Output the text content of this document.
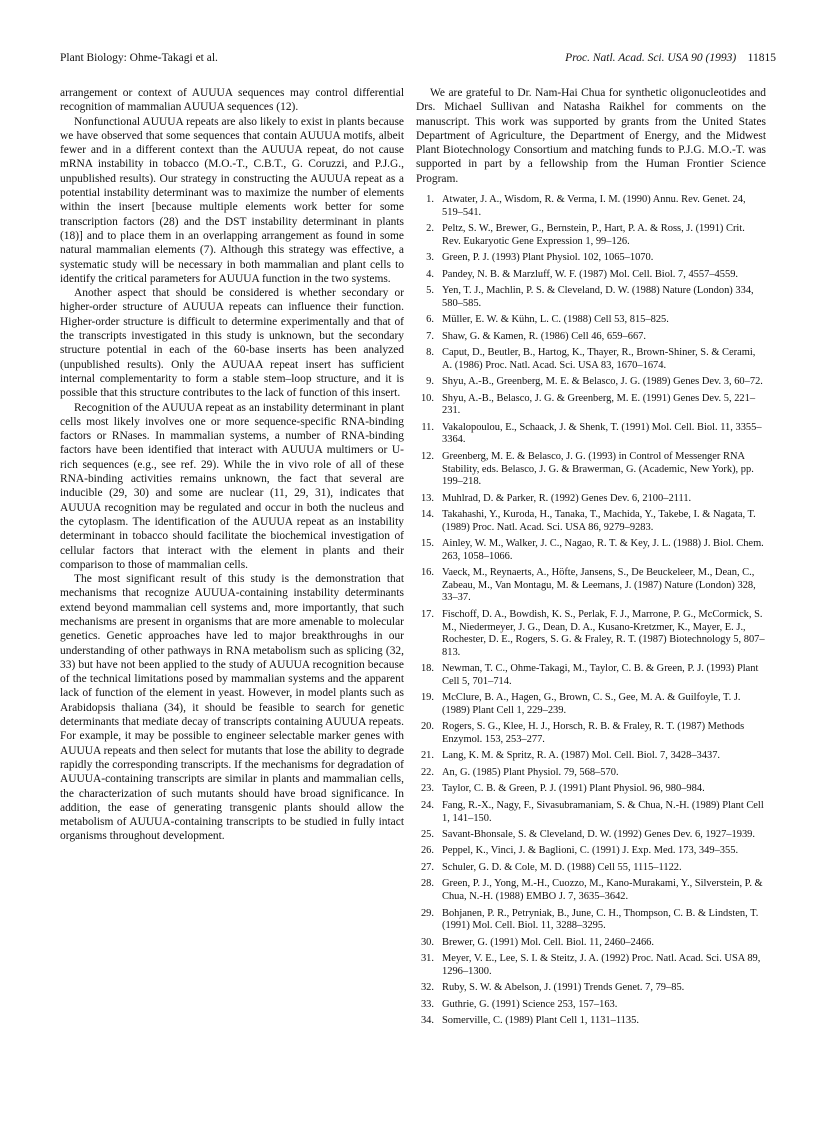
Plant Biology: Ohme-Takagi et al.	Proc. Natl. Acad. Sci. USA 90 (1993) 11815

arrangement or context of AUUUA sequences may control differential recognition of mammalian AUUUA sequences (12).

Nonfunctional AUUUA repeats are also likely to exist in plants because we have observed that some sequences that contain AUUUA motifs, albeit fewer and in a different context than the AUUUA repeat, do not cause mRNA instability in tobacco (M.O.-T., C.B.T., G. Coruzzi, and P.J.G., unpublished results). Our strategy in constructing the AUUUA repeat as a potential instability determinant was to maximize the number of elements within the insert [because multiple elements work better for some transcription factors (28) and the DST instability determinant in plants (18)] and to place them in an overlapping arrangement as found in some natural mammalian elements (7). Although this strategy was effective, a systematic study will be necessary in both mammalian and plant cells to identify the critical parameters for AUUUA function in the two systems.

Another aspect that should be considered is whether secondary or higher-order structure of AUUUA repeats can influence their function. Higher-order structure is difficult to determine experimentally and that of the transcripts investigated in this study is unknown, but the secondary structure potential in each of the 60-base inserts has been analyzed (unpublished results). Only the AUUAA repeat insert has sufficient internal complementarity to form a stable stem–loop structure, and it is possible that this structure contributes to the lack of function of this insert.

Recognition of the AUUUA repeat as an instability determinant in plant cells most likely involves one or more sequence-specific RNA-binding factors or RNases. In mammalian systems, a number of RNA-binding factors have been identified that interact with AUUUA multimers or U-rich sequences (e.g., see ref. 29). While the in vivo role of all of these RNA-binding activities remains unknown, the fact that several are inducible (29, 30) and some are nuclear (11, 29, 31), indicates that AUUUA recognition may be regulated and occur in both the nucleus and the cytoplasm. The identification of the AUUUA repeat as an instability determinant in tobacco should facilitate the biochemical investigation of cellular factors that interact with the element in plants and their comparison to those of mammalian cells.

The most significant result of this study is the demonstration that mechanisms that recognize AUUUA-containing instability determinants extend beyond mammalian cell systems and, more importantly, that such mechanisms are present in organisms that are more amenable to molecular genetics. Genetic approaches have led to major breakthroughs in our understanding of other pathways in RNA metabolism such as splicing (32, 33) but have not been applied to the study of AUUUA recognition because of the technical limitations posed by mammalian systems and the apparent lack of function of the element in yeast. However, in model plants such as Arabidopsis thaliana (34), it should be feasible to search for genetic determinants that mediate decay of transcripts containing AUUUA repeats. For example, it may be possible to engineer selectable marker genes with AUUUA repeats and then select for mutants that lose the ability to degrade rapidly the corresponding transcripts. If the mechanisms for degradation of AUUUA-containing transcripts are similar in plants and mammalian cells, the characterization of such mutants should have broad significance. In addition, the ease of generating transgenic plants should allow the metabolism of AUUUA-containing transcripts to be studied in fully intact organisms throughout development.

We are grateful to Dr. Nam-Hai Chua for synthetic oligonucleotides and Drs. Michael Sullivan and Natasha Raikhel for comments on the manuscript. This work was supported by grants from the United States Department of Agriculture, the Department of Energy, and the Midwest Plant Biotechnology Consortium and matching funds to P.J.G. M.O.-T. was supported in part by a fellowship from the Human Frontier Science Program.

1. Atwater, J. A., Wisdom, R. & Verma, I. M. (1990) Annu. Rev. Genet. 24, 519–541.
2. Peltz, S. W., Brewer, G., Bernstein, P., Hart, P. A. & Ross, J. (1991) Crit. Rev. Eukaryotic Gene Expression 1, 99–126.
3. Green, P. J. (1993) Plant Physiol. 102, 1065–1070.
4. Pandey, N. B. & Marzluff, W. F. (1987) Mol. Cell. Biol. 7, 4557–4559.
5. Yen, T. J., Machlin, P. S. & Cleveland, D. W. (1988) Nature (London) 334, 580–585.
6. Müller, E. W. & Kühn, L. C. (1988) Cell 53, 815–825.
7. Shaw, G. & Kamen, R. (1986) Cell 46, 659–667.
8. Caput, D., Beutler, B., Hartog, K., Thayer, R., Brown-Shiner, S. & Cerami, A. (1986) Proc. Natl. Acad. Sci. USA 83, 1670–1674.
9. Shyu, A.-B., Greenberg, M. E. & Belasco, J. G. (1989) Genes Dev. 3, 60–72.
10. Shyu, A.-B., Belasco, J. G. & Greenberg, M. E. (1991) Genes Dev. 5, 221–231.
11. Vakalopoulou, E., Schaack, J. & Shenk, T. (1991) Mol. Cell. Biol. 11, 3355–3364.
12. Greenberg, M. E. & Belasco, J. G. (1993) in Control of Messenger RNA Stability, eds. Belasco, J. G. & Brawerman, G. (Academic, New York), pp. 199–218.
13. Muhlrad, D. & Parker, R. (1992) Genes Dev. 6, 2100–2111.
14. Takahashi, Y., Kuroda, H., Tanaka, T., Machida, Y., Takebe, I. & Nagata, T. (1989) Proc. Natl. Acad. Sci. USA 86, 9279–9283.
15. Ainley, W. M., Walker, J. C., Nagao, R. T. & Key, J. L. (1988) J. Biol. Chem. 263, 1058–1066.
16. Vaeck, M., Reynaerts, A., Höfte, Jansens, S., De Beuckeleer, M., Dean, C., Zabeau, M., Van Montagu, M. & Leemans, J. (1987) Nature (London) 328, 33–37.
17. Fischoff, D. A., Bowdish, K. S., Perlak, F. J., Marrone, P. G., McCormick, S. M., Niedermeyer, J. G., Dean, D. A., Kusano-Kretzmer, K., Mayer, E. J., Rochester, D. E., Rogers, S. G. & Fraley, R. T. (1987) Biotechnology 5, 807–813.
18. Newman, T. C., Ohme-Takagi, M., Taylor, C. B. & Green, P. J. (1993) Plant Cell 5, 701–714.
19. McClure, B. A., Hagen, G., Brown, C. S., Gee, M. A. & Guilfoyle, T. J. (1989) Plant Cell 1, 229–239.
20. Rogers, S. G., Klee, H. J., Horsch, R. B. & Fraley, R. T. (1987) Methods Enzymol. 153, 253–277.
21. Lang, K. M. & Spritz, R. A. (1987) Mol. Cell. Biol. 7, 3428–3437.
22. An, G. (1985) Plant Physiol. 79, 568–570.
23. Taylor, C. B. & Green, P. J. (1991) Plant Physiol. 96, 980–984.
24. Fang, R.-X., Nagy, F., Sivasubramaniam, S. & Chua, N.-H. (1989) Plant Cell 1, 141–150.
25. Savant-Bhonsale, S. & Cleveland, D. W. (1992) Genes Dev. 6, 1927–1939.
26. Peppel, K., Vinci, J. & Baglioni, C. (1991) J. Exp. Med. 173, 349–355.
27. Schuler, G. D. & Cole, M. D. (1988) Cell 55, 1115–1122.
28. Green, P. J., Yong, M.-H., Cuozzo, M., Kano-Murakami, Y., Silverstein, P. & Chua, N.-H. (1988) EMBO J. 7, 3635–3642.
29. Bohjanen, P. R., Petryniak, B., June, C. H., Thompson, C. B. & Lindsten, T. (1991) Mol. Cell. Biol. 11, 3288–3295.
30. Brewer, G. (1991) Mol. Cell. Biol. 11, 2460–2466.
31. Meyer, V. E., Lee, S. I. & Steitz, J. A. (1992) Proc. Natl. Acad. Sci. USA 89, 1296–1300.
32. Ruby, S. W. & Abelson, J. (1991) Trends Genet. 7, 79–85.
33. Guthrie, G. (1991) Science 253, 157–163.
34. Somerville, C. (1989) Plant Cell 1, 1131–1135.
